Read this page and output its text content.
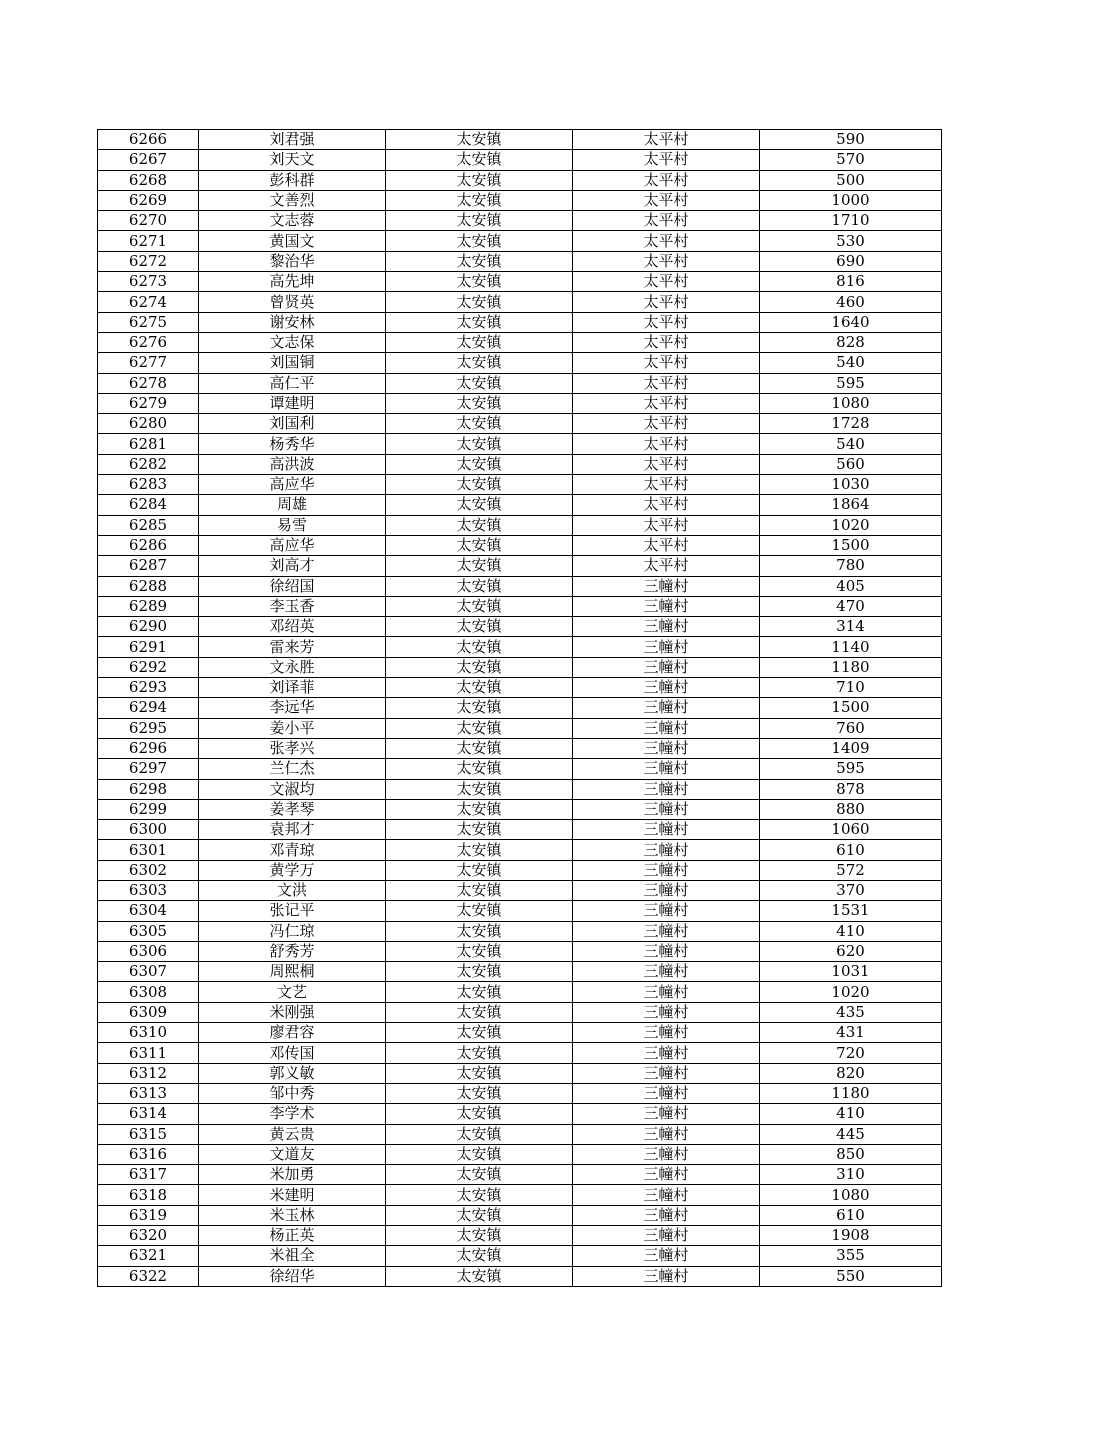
6266	刘君强	太安镇	太平村	590
6267	刘天文	太安镇	太平村	570
6268	彭科群	太安镇	太平村	500
6269	文善烈	太安镇	太平村	1000
6270	文志蓉	太安镇	太平村	1710
6271	黄国文	太安镇	太平村	530
6272	黎治华	太安镇	太平村	690
6273	高先坤	太安镇	太平村	816
6274	曾贤英	太安镇	太平村	460
6275	谢安林	太安镇	太平村	1640
6276	文志保	太安镇	太平村	828
6277	刘国铜	太安镇	太平村	540
6278	高仁平	太安镇	太平村	595
6279	谭建明	太安镇	太平村	1080
6280	刘国利	太安镇	太平村	1728
6281	杨秀华	太安镇	太平村	540
6282	高洪波	太安镇	太平村	560
6283	高应华	太安镇	太平村	1030
6284	周雄	太安镇	太平村	1864
6285	易雪	太安镇	太平村	1020
6286	高应华	太安镇	太平村	1500
6287	刘高才	太安镇	太平村	780
6288	徐绍国	太安镇	三幢村	405
6289	李玉香	太安镇	三幢村	470
6290	邓绍英	太安镇	三幢村	314
6291	雷来芳	太安镇	三幢村	1140
6292	文永胜	太安镇	三幢村	1180
6293	刘译菲	太安镇	三幢村	710
6294	李远华	太安镇	三幢村	1500
6295	姜小平	太安镇	三幢村	760
6296	张孝兴	太安镇	三幢村	1409
6297	兰仁杰	太安镇	三幢村	595
6298	文淑均	太安镇	三幢村	878
6299	姜孝琴	太安镇	三幢村	880
6300	袁邦才	太安镇	三幢村	1060
6301	邓青琼	太安镇	三幢村	610
6302	黄学万	太安镇	三幢村	572
6303	文洪	太安镇	三幢村	370
6304	张记平	太安镇	三幢村	1531
6305	冯仁琼	太安镇	三幢村	410
6306	舒秀芳	太安镇	三幢村	620
6307	周熙桐	太安镇	三幢村	1031
6308	文艺	太安镇	三幢村	1020
6309	米刚强	太安镇	三幢村	435
6310	廖君容	太安镇	三幢村	431
6311	邓传国	太安镇	三幢村	720
6312	郭义敏	太安镇	三幢村	820
6313	邹中秀	太安镇	三幢村	1180
6314	李学术	太安镇	三幢村	410
6315	黄云贵	太安镇	三幢村	445
6316	文道友	太安镇	三幢村	850
6317	米加勇	太安镇	三幢村	310
6318	米建明	太安镇	三幢村	1080
6319	米玉林	太安镇	三幢村	610
6320	杨正英	太安镇	三幢村	1908
6321	米祖全	太安镇	三幢村	355
6322	徐绍华	太安镇	三幢村	550
